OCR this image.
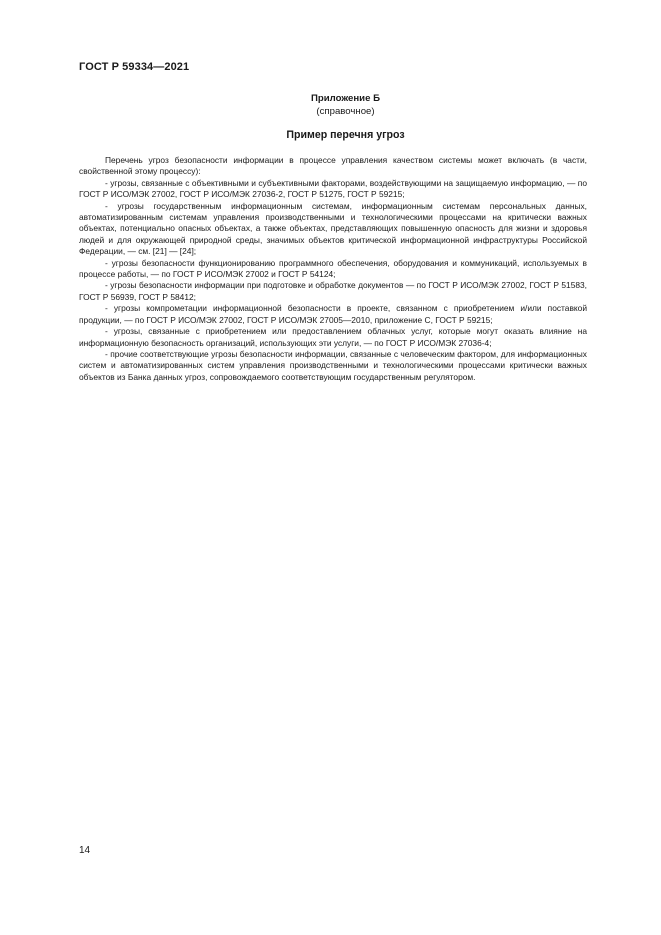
ГОСТ Р 59334—2021
Приложение Б
(справочное)
Пример перечня угроз

Перечень угроз безопасности информации в процессе управления качеством системы может включать (в части, свойственной этому процессу):

- угрозы, связанные с объективными и субъективными факторами, воздействующими на защищаемую информацию, — по ГОСТ Р ИСО/МЭК 27002, ГОСТ Р ИСО/МЭК 27036-2, ГОСТ Р 51275, ГОСТ Р 59215;

- угрозы государственным информационным системам, информационным системам персональных данных, автоматизированным системам управления производственными и технологическими процессами на критически важных объектах, потенциально опасных объектах, а также объектах, представляющих повышенную опасность для жизни и здоровья людей и для окружающей природной среды, значимых объектов критической информационной инфраструктуры Российской Федерации, — см. [21] — [24];

- угрозы безопасности функционированию программного обеспечения, оборудования и коммуникаций, используемых в процессе работы, — по ГОСТ Р ИСО/МЭК 27002 и ГОСТ Р 54124;

- угрозы безопасности информации при подготовке и обработке документов — по ГОСТ Р ИСО/МЭК 27002, ГОСТ Р 51583, ГОСТ Р 56939, ГОСТ Р 58412;

- угрозы компрометации информационной безопасности в проекте, связанном с приобретением и/или поставкой продукции, — по ГОСТ Р ИСО/МЭК 27002, ГОСТ Р ИСО/МЭК 27005—2010, приложение С, ГОСТ Р 59215;

- угрозы, связанные с приобретением или предоставлением облачных услуг, которые могут оказать влияние на информационную безопасность организаций, использующих эти услуги, — по ГОСТ Р ИСО/МЭК 27036-4;

- прочие соответствующие угрозы безопасности информации, связанные с человеческим фактором, для информационных систем и автоматизированных систем управления производственными и технологическими процессами критически важных объектов из Банка данных угроз, сопровождаемого соответствующим государственным регулятором.

14
